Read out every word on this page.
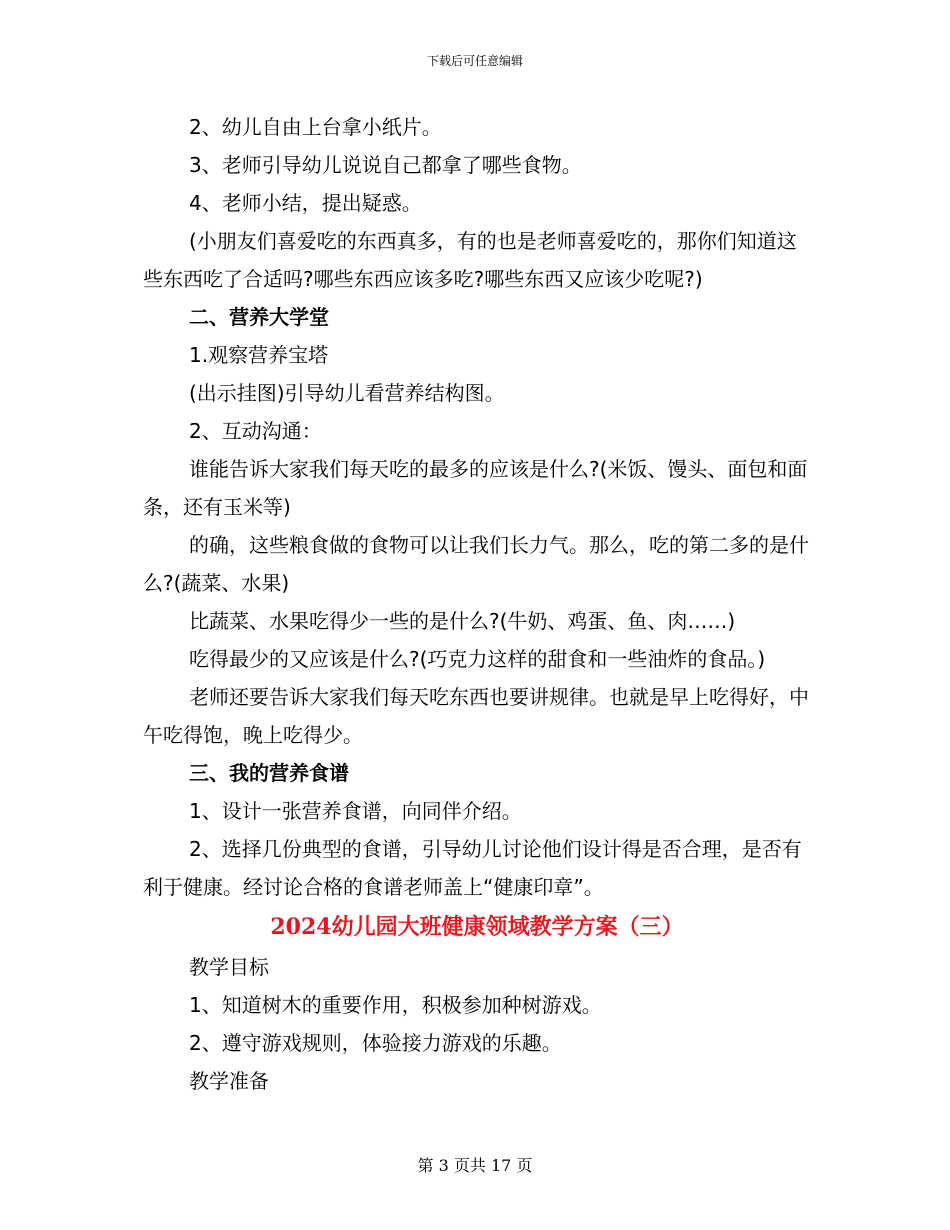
下载后可任意编辑

2、幼儿自由上台拿小纸片。

3、老师引导幼儿说说自己都拿了哪些食物。

4、老师小结，提出疑惑。

(小朋友们喜爱吃的东西真多，有的也是老师喜爱吃的，那你们知道这些东西吃了合适吗?哪些东西应该多吃?哪些东西又应该少吃呢?)

二、营养大学堂

1.观察营养宝塔

(出示挂图)引导幼儿看营养结构图。

2、互动沟通：

谁能告诉大家我们每天吃的最多的应该是什么?(米饭、馒头、面包和面条，还有玉米等)

的确，这些粮食做的食物可以让我们长力气。那么，吃的第二多的是什么?(蔬菜、水果)

比蔬菜、水果吃得少一些的是什么?(牛奶、鸡蛋、鱼、肉……)

吃得最少的又应该是什么?(巧克力这样的甜食和一些油炸的食品。)

老师还要告诉大家我们每天吃东西也要讲规律。也就是早上吃得好，中午吃得饱，晚上吃得少。

三、我的营养食谱

1、设计一张营养食谱，向同伴介绍。

2、选择几份典型的食谱，引导幼儿讨论他们设计得是否合理，是否有利于健康。经讨论合格的食谱老师盖上“健康印章”。

2024幼儿园大班健康领域教学方案（三）

教学目标

1、知道树木的重要作用，积极参加种树游戏。

2、遵守游戏规则，体验接力游戏的乐趣。

教学准备

第 3 页共 17 页
